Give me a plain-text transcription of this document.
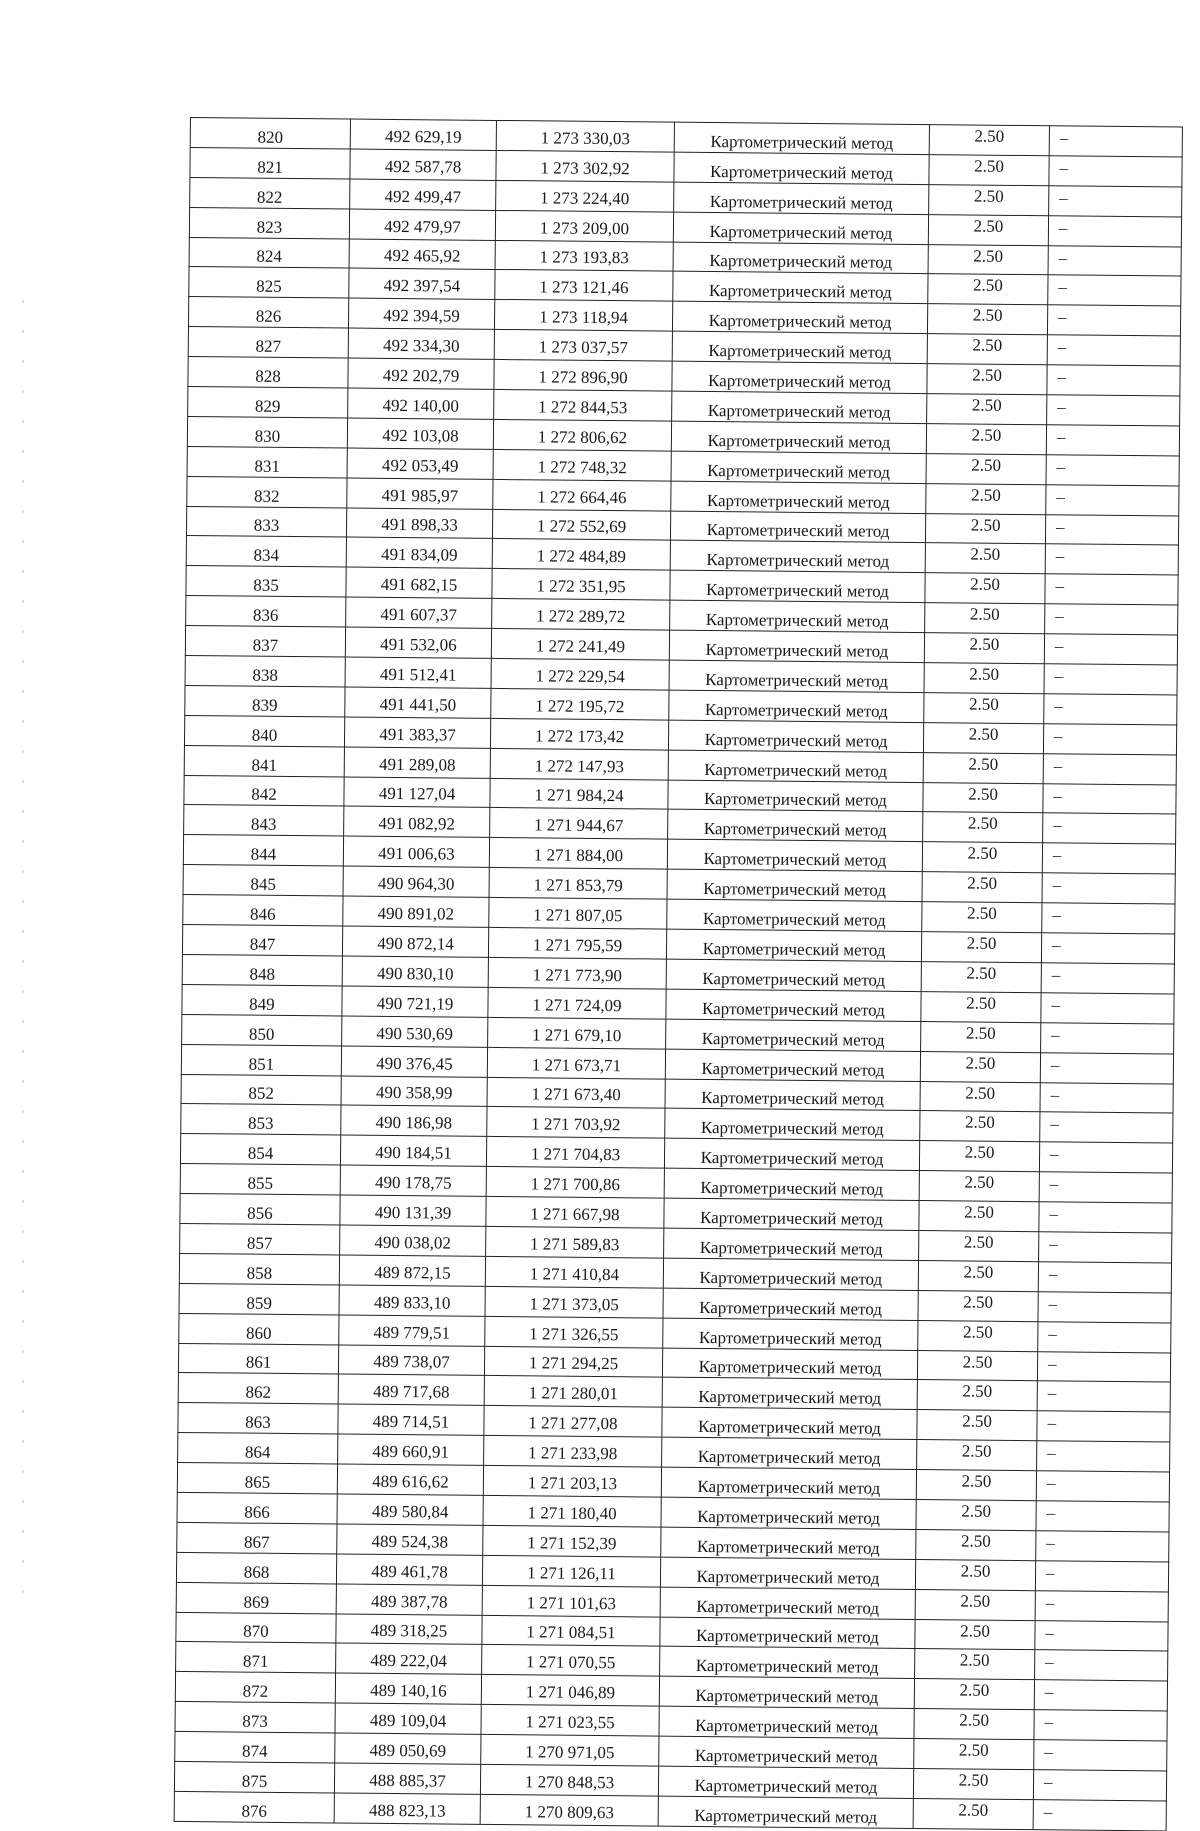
820	492 629,19	1 273 330,03	Картометрический метод	2.50	–
821	492 587,78	1 273 302,92	Картометрический метод	2.50	–
822	492 499,47	1 273 224,40	Картометрический метод	2.50	–
823	492 479,97	1 273 209,00	Картометрический метод	2.50	–
824	492 465,92	1 273 193,83	Картометрический метод	2.50	–
825	492 397,54	1 273 121,46	Картометрический метод	2.50	–
826	492 394,59	1 273 118,94	Картометрический метод	2.50	–
827	492 334,30	1 273 037,57	Картометрический метод	2.50	–
828	492 202,79	1 272 896,90	Картометрический метод	2.50	–
829	492 140,00	1 272 844,53	Картометрический метод	2.50	–
830	492 103,08	1 272 806,62	Картометрический метод	2.50	–
831	492 053,49	1 272 748,32	Картометрический метод	2.50	–
832	491 985,97	1 272 664,46	Картометрический метод	2.50	–
833	491 898,33	1 272 552,69	Картометрический метод	2.50	–
834	491 834,09	1 272 484,89	Картометрический метод	2.50	–
835	491 682,15	1 272 351,95	Картометрический метод	2.50	–
836	491 607,37	1 272 289,72	Картометрический метод	2.50	–
837	491 532,06	1 272 241,49	Картометрический метод	2.50	–
838	491 512,41	1 272 229,54	Картометрический метод	2.50	–
839	491 441,50	1 272 195,72	Картометрический метод	2.50	–
840	491 383,37	1 272 173,42	Картометрический метод	2.50	–
841	491 289,08	1 272 147,93	Картометрический метод	2.50	–
842	491 127,04	1 271 984,24	Картометрический метод	2.50	–
843	491 082,92	1 271 944,67	Картометрический метод	2.50	–
844	491 006,63	1 271 884,00	Картометрический метод	2.50	–
845	490 964,30	1 271 853,79	Картометрический метод	2.50	–
846	490 891,02	1 271 807,05	Картометрический метод	2.50	–
847	490 872,14	1 271 795,59	Картометрический метод	2.50	–
848	490 830,10	1 271 773,90	Картометрический метод	2.50	–
849	490 721,19	1 271 724,09	Картометрический метод	2.50	–
850	490 530,69	1 271 679,10	Картометрический метод	2.50	–
851	490 376,45	1 271 673,71	Картометрический метод	2.50	–
852	490 358,99	1 271 673,40	Картометрический метод	2.50	–
853	490 186,98	1 271 703,92	Картометрический метод	2.50	–
854	490 184,51	1 271 704,83	Картометрический метод	2.50	–
855	490 178,75	1 271 700,86	Картометрический метод	2.50	–
856	490 131,39	1 271 667,98	Картометрический метод	2.50	–
857	490 038,02	1 271 589,83	Картометрический метод	2.50	–
858	489 872,15	1 271 410,84	Картометрический метод	2.50	–
859	489 833,10	1 271 373,05	Картометрический метод	2.50	–
860	489 779,51	1 271 326,55	Картометрический метод	2.50	–
861	489 738,07	1 271 294,25	Картометрический метод	2.50	–
862	489 717,68	1 271 280,01	Картометрический метод	2.50	–
863	489 714,51	1 271 277,08	Картометрический метод	2.50	–
864	489 660,91	1 271 233,98	Картометрический метод	2.50	–
865	489 616,62	1 271 203,13	Картометрический метод	2.50	–
866	489 580,84	1 271 180,40	Картометрический метод	2.50	–
867	489 524,38	1 271 152,39	Картометрический метод	2.50	–
868	489 461,78	1 271 126,11	Картометрический метод	2.50	–
869	489 387,78	1 271 101,63	Картометрический метод	2.50	–
870	489 318,25	1 271 084,51	Картометрический метод	2.50	–
871	489 222,04	1 271 070,55	Картометрический метод	2.50	–
872	489 140,16	1 271 046,89	Картометрический метод	2.50	–
873	489 109,04	1 271 023,55	Картометрический метод	2.50	–
874	489 050,69	1 270 971,05	Картометрический метод	2.50	–
875	488 885,37	1 270 848,53	Картометрический метод	2.50	–
876	488 823,13	1 270 809,63	Картометрический метод	2.50	–
